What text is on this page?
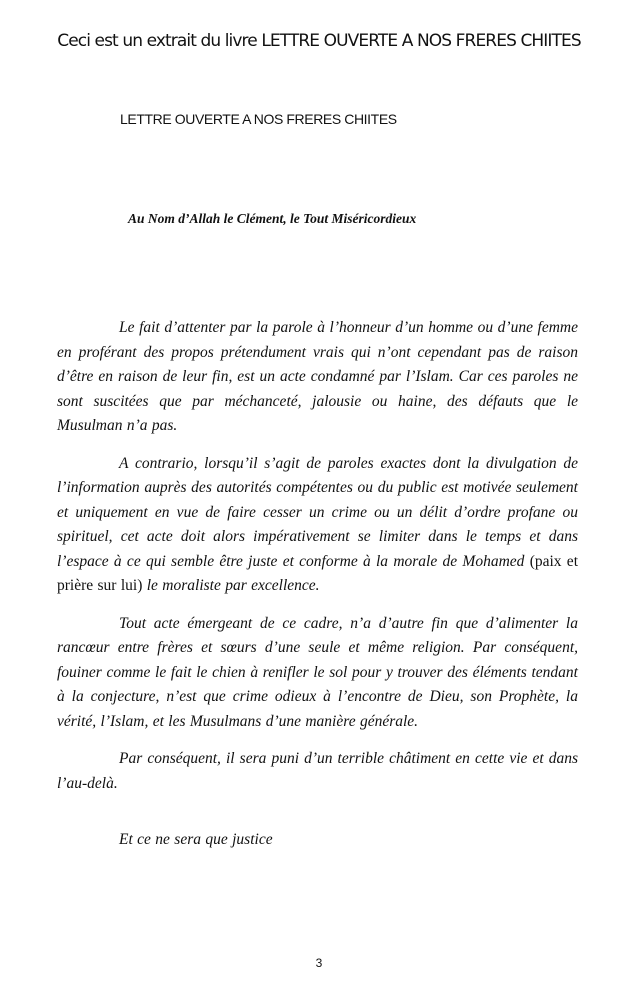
Ceci est un extrait du livre LETTRE OUVERTE A NOS FRERES CHIITES
LETTRE OUVERTE A NOS FRERES CHIITES
Au Nom d’Allah le Clément, le Tout Miséricordieux

Le fait d’attenter par la parole à l’honneur d’un homme ou d’une femme en proférant des propos prétendument vrais qui n’ont cependant pas de raison d’être en raison de leur fin, est un acte condamné par l’Islam. Car ces paroles ne sont suscitées que par méchanceté, jalousie ou haine, des défauts que le Musulman n’a pas.

A contrario, lorsqu’il s’agit de paroles exactes dont la divulgation de l’information auprès des autorités compétentes ou du public est motivée seulement et uniquement en vue de faire cesser un crime ou un délit d’ordre profane ou spirituel, cet acte doit alors impérativement se limiter dans le temps et dans l’espace à ce qui semble être juste et conforme à la morale de Mohamed (paix et prière sur lui) le moraliste par excellence.

Tout acte émergeant de ce cadre, n’a d’autre fin que d’alimenter la rancœur entre frères et sœurs d’une seule et même religion. Par conséquent, fouiner comme le fait le chien à renifler le sol pour y trouver des éléments tendant à la conjecture, n’est que crime odieux à l’encontre de Dieu, son Prophète, la vérité, l’Islam, et les Musulmans d’une manière générale.

Par conséquent, il sera puni d’un terrible châtiment en cette vie et dans l’au-delà.

Et ce ne sera que justice

3
